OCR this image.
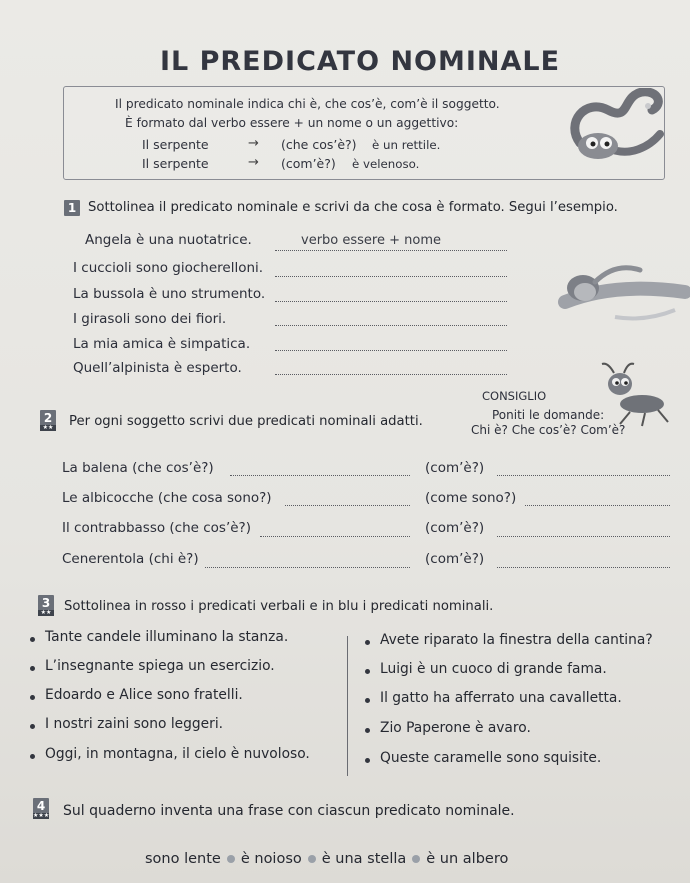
IL PREDICATO NOMINALE
Il predicato nominale indica chi è, che cos’è, com’è il soggetto.
È formato dal verbo essere + un nome o un aggettivo:
Il serpente	→ (che cos’è?) è un rettile.
Il serpente	→ (com’è?) è velenoso.
1 Sottolinea il predicato nominale e scrivi da che cosa è formato. Segui l’esempio.
Angela è una nuotatrice.	verbo essere + nome
I cuccioli sono giocherelloni.
La bussola è uno strumento.
I girasoli sono dei fiori.
La mia amica è simpatica.
Quell’alpinista è esperto.
CONSIGLIO
Poniti le domande:
Chi è? Che cos’è? Com’è?
2
★★ Per ogni soggetto scrivi due predicati nominali adatti.
La balena (che cos’è?)	(com’è?)
Le albicocche (che cosa sono?)	(come sono?)
Il contrabbasso (che cos’è?)	(com’è?)
Cenerentola (chi è?)	(com’è?)
3
★★ Sottolinea in rosso i predicati verbali e in blu i predicati nominali.
Tante candele illuminano la stanza.
L’insegnante spiega un esercizio.
Edoardo e Alice sono fratelli.
I nostri zaini sono leggeri.
Oggi, in montagna, il cielo è nuvoloso.
Avete riparato la finestra della cantina?
Luigi è un cuoco di grande fama.
Il gatto ha afferrato una cavalletta.
Zio Paperone è avaro.
Queste caramelle sono squisite.
4
★★★ Sul quaderno inventa una frase con ciascun predicato nominale.
sono lente è noioso è una stella è un albero
